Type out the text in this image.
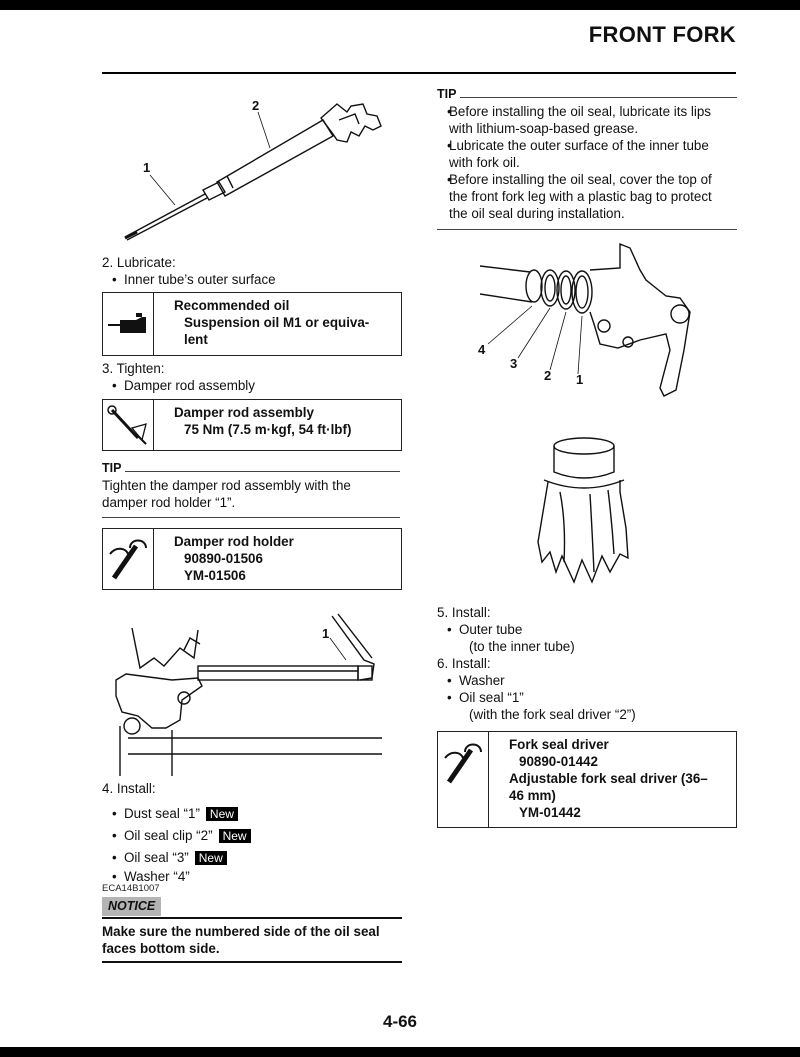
FRONT FORK
1
2
2. Lubricate:
• Inner tube’s outer surface
Recommended oil
Suspension oil M1 or equiva-
lent
3. Tighten:
• Damper rod assembly
Damper rod assembly
75 Nm (7.5 m·kgf, 54 ft·lbf)
TIP
Tighten the damper rod assembly with the
damper rod holder “1”.
Damper rod holder
90890-01506
YM-01506
1
4. Install:
• Dust seal “1” New
• Oil seal clip “2” New
• Oil seal “3” New
• Washer “4”
ECA14B1007
NOTICE
Make sure the numbered side of the oil seal
faces bottom side.
TIP
• Before installing the oil seal, lubricate its lips
with lithium-soap-based grease.
• Lubricate the outer surface of the inner tube
with fork oil.
• Before installing the oil seal, cover the top of
the front fork leg with a plastic bag to protect
the oil seal during installation.
4
3
2 1
5. Install:
• Outer tube
(to the inner tube)
6. Install:
• Washer
• Oil seal “1”
(with the fork seal driver “2”)
Fork seal driver
90890-01442
Adjustable fork seal driver (36–
46 mm)
YM-01442
4-66
